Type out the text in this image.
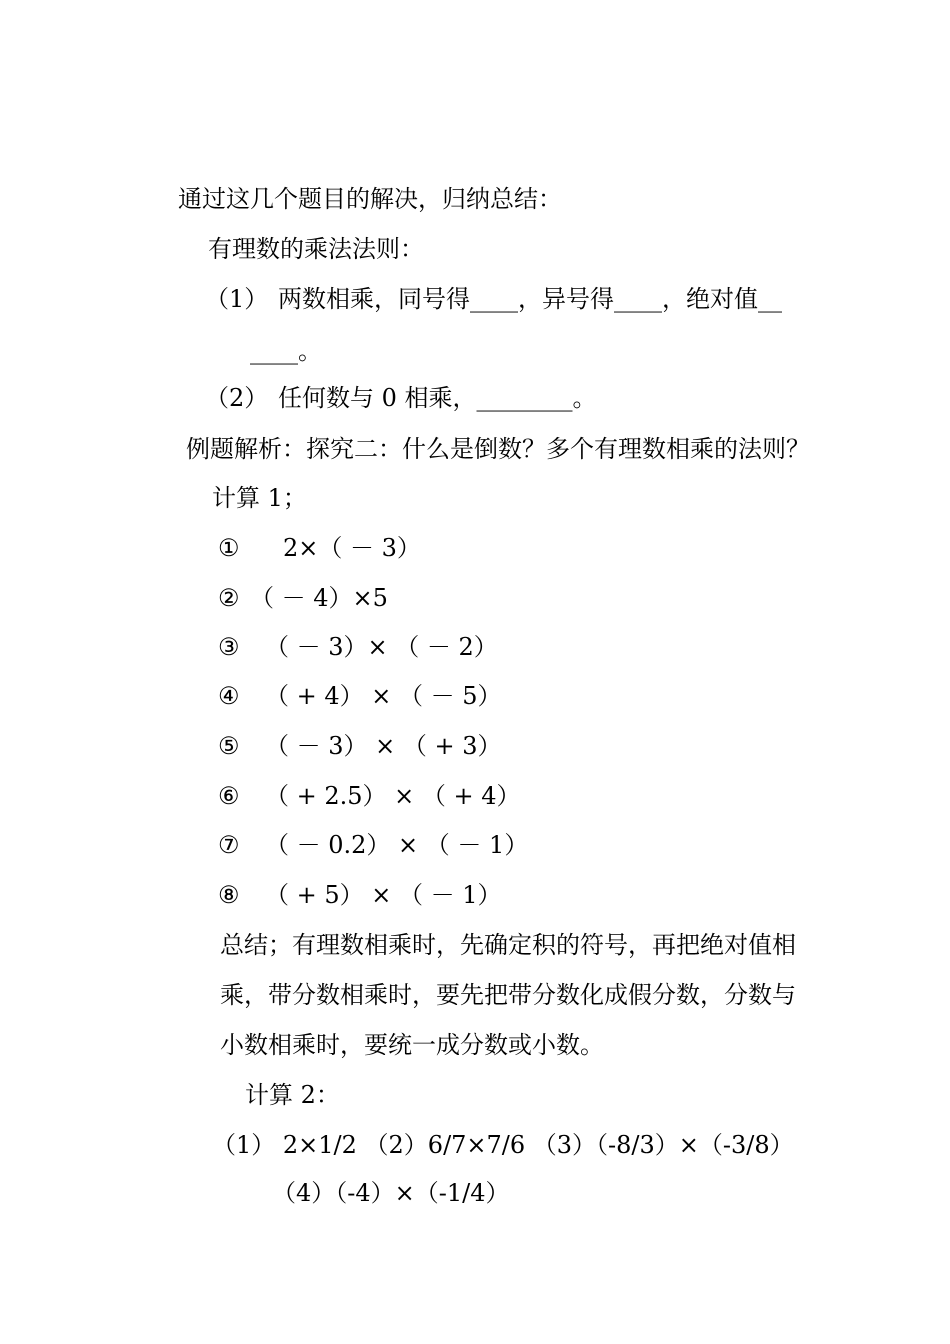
通过这几个题目的解决，归纳总结：
有理数的乘法法则：
（1） 两数相乘，同号得____，异号得____，绝对值__
____。
（2） 任何数与 0 相乘，________。
例题解析：探究二：什么是倒数？多个有理数相乘的法则？
计算 1；
① 2×（ － 3）
② （ － 4）×5
③ （ － 3）× （ － 2）
④ （ + 4） × （ － 5）
⑤ （ － 3） × （ + 3）
⑥ （ + 2.5） × （ + 4）
⑦ （ － 0.2） × （ － 1）
⑧ （ + 5） × （ － 1）
总结；有理数相乘时，先确定积的符号，再把绝对值相
乘，带分数相乘时，要先把带分数化成假分数，分数与
小数相乘时，要统一成分数或小数。
计算 2：
（1） 2×1/2 （2）6/7×7/6 （3）（-8/3）×（-3/8）
（4）（-4）×（-1/4）
